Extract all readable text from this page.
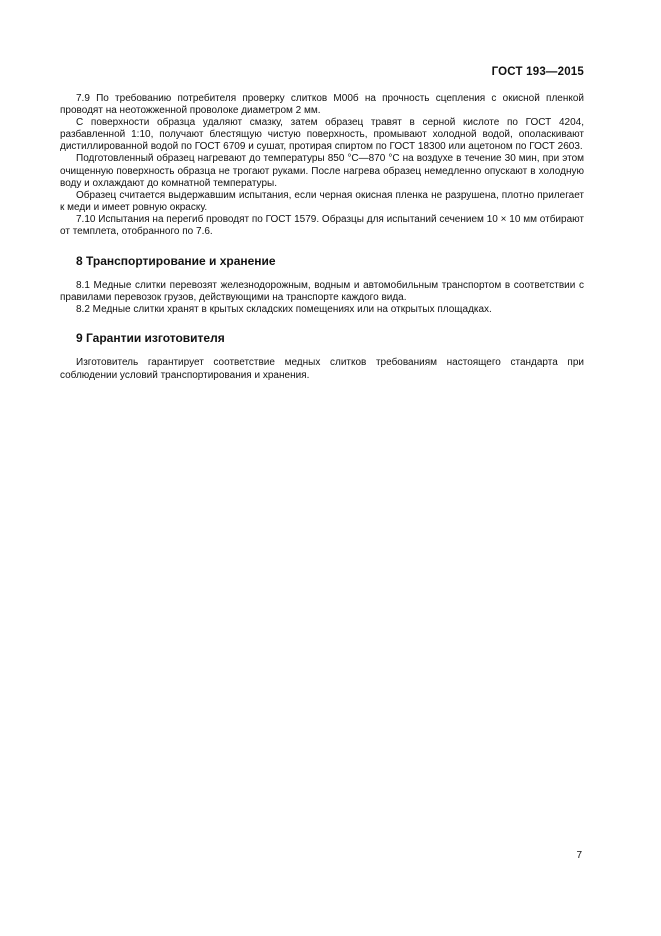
ГОСТ 193—2015

7.9 По требованию потребителя проверку слитков М00б на прочность сцепления с окисной пленкой проводят на неотожженной проволоке диаметром 2 мм.

С поверхности образца удаляют смазку, затем образец травят в серной кислоте по ГОСТ 4204, разбавленной 1:10, получают блестящую чистую поверхность, промывают холодной водой, ополаскивают дистиллированной водой по ГОСТ 6709 и сушат, протирая спиртом по ГОСТ 18300 или ацетоном по ГОСТ 2603.

Подготовленный образец нагревают до температуры 850 °С—870 °С на воздухе в течение 30 мин, при этом очищенную поверхность образца не трогают руками. После нагрева образец немедленно опускают в холодную воду и охлаждают до комнатной температуры.

Образец считается выдержавшим испытания, если черная окисная пленка не разрушена, плотно прилегает к меди и имеет ровную окраску.

7.10 Испытания на перегиб проводят по ГОСТ 1579. Образцы для испытаний сечением 10 × 10 мм отбирают от темплета, отобранного по 7.6.

8 Транспортирование и хранение

8.1 Медные слитки перевозят железнодорожным, водным и автомобильным транспортом в соответствии с правилами перевозок грузов, действующими на транспорте каждого вида.

8.2 Медные слитки хранят в крытых складских помещениях или на открытых площадках.

9 Гарантии изготовителя

Изготовитель гарантирует соответствие медных слитков требованиям настоящего стандарта при соблюдении условий транспортирования и хранения.

7
